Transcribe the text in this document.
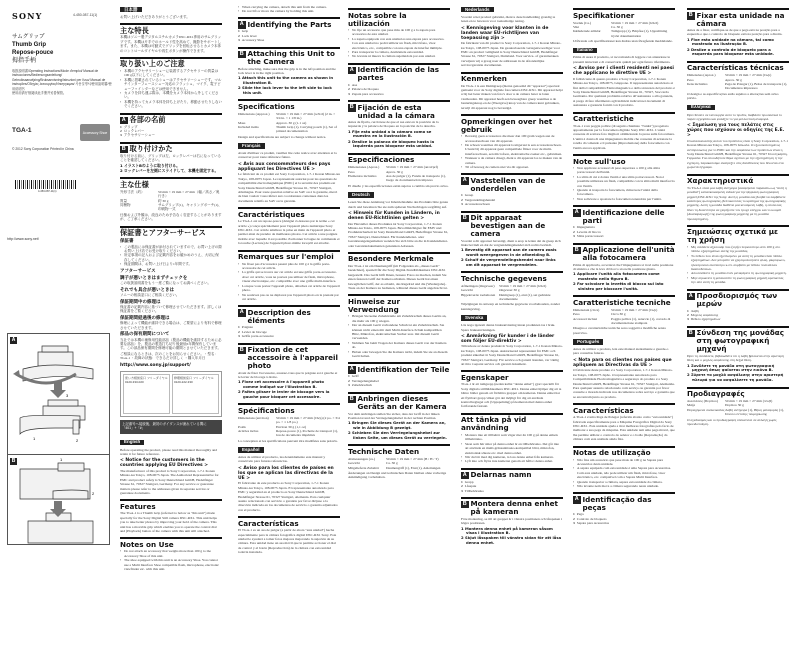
SONY	4-450-087-11(1)
サムグリップ
Thumb Grip
Repose-pouce
拇指手柄
取扱説明書/Operating Instructions/Mode d'emploi/ Manual de instrucciones/Bedienungsanleitung/ Gebruiksaanwijzing/Bruksanvisning/Istruzioni per l'uso/ Manual de instruções/Οδηγίες λειτουργίας/Инструкция/ 사용설명서/使用說明書/使用说明书
使用前请仔细阅读此手册并妥善保管。
TGA-1	Accessory Shoe
© 2012 Sony Corporation Printed in China
4-450-087-11(1)
http://www.sony.net/
A
1	2
3
B	1
2
日本語
お買い上げいただきありがとうございます。
主な特長
本機はソニー製デジタルスチルカメラDSC-RX1専用のサムグリップです。本機は片手でのホールド性を高めて、撮影をサポートします。また、本機は可動式でグリップを回転させるとカメラ本体のコントロールダイヤルや再生ボタンが操作できます。
取り扱い上のご注意
• 本機のアクセサリーシューに装着するアクセサリーの質量は100 g以下にしてください。
• 本機に搭載されているシューはアクセサリーシューです。マルチインターフェースシュー対応のフラッシュ、マイク、電子ビューファインダーなどは使用できません。
• カメラを持ち運ぶ際は、本機をカメラ本体から外してください。
• 本機を持ってカメラ本体を持ち上げたり、移動させたりしないでください。
A 各部の名前
1 グリップ
2 ロックレバー
3 アクセサリーシュー
B 取り付けかた
取り付ける前に、グリップは左、ロックレバーは右になっていることを確認してください。
1 イラストBのように取り付ける。
2 ロックレバーを左側にスライドして、本機を固定する。
主な仕様
外形寸法（約）	50 mm × 19 mm × 27 mm（幅／高さ／奥行き）
質量	約 30 g
同梱物	サムグリップ(1)、キャリングポーチ(1)、印刷物一式
仕様および外観は、改良のため予告なく変更することがありますが、ご了承ください。
保証書とアフターサービス
保証書
• この製品には保証書が添付されていますので、お買い上げの際お買い上げ店でお受け取りください。
• 所定事項の記入および記載内容をお確かめのうえ、大切に保存してください。
• 保証期間は、お買い上げ日より1年間です。
アフターサービス
調子が悪いときはまずチェックを
この取扱説明書をもう一度ご覧になってお調べください。
それでも具合が悪いときは
ソニーの相談窓口にご相談ください。
保証期間中の修理は
保証書の記載内容に基づいて修理させていただきます。詳しくは保証書をご覧ください。
保証期間経過後の修理は
修理によって機能が維持できる場合は、ご要望により有料で修理させていただきます。
部品の保有期間について
当社では本機の補修用性能部品（製品の機能を維持するために必要な部品）を、製品の製造打ち切り後最低6年間保有しています。この部品保有期間を修理可能の期間とさせていただきます。
ご相談になるときは、次のことをお知らせください。・型名：TGA-1 ・故障の状態：できるだけ詳しく ・購入年月日
http://www.sony.jp/support/
使い方相談窓口 フリーダイヤル 0120-333-020
修理相談窓口 フリーダイヤル 0120-222-330
上記番号へ接続後、最初のガイダンスが流れている間に「401」+「#」
English
Before operating the product, please read this manual thoroughly and retain it for future reference.
< Notice for the customers in the countries applying EU Directives >
The manufacturer of this product is Sony Corporation, 1-7-1 Konan Minato-ku Tokyo, 108-0075 Japan. The Authorized Representative for EMC and product safety is Sony Deutschland GmbH, Hedelfinger Strasse 61, 70327 Stuttgart, Germany. For any service or guarantee matters please refer to the addresses given in separate service or guarantee documents.
Features
The TGA-1 is a Thumb Grip (referred to below as "this unit") made specially for the Sony Digital Still camera DSC-RX1. This unit helps you to take better photos by improving your hold of the camera. This unit has a movable grip which enables you to operate the control dial and (Playback) button of the camera with this unit still attached.
Notes on Use
• Do not attach an accessory that weighs more than 100 g to the Accessory Shoe of this unit.
• The shoe equipped with this unit is an Accessory Shoe. You cannot use a Multi Interface Shoe compatible flash, microphone, electronic viewfinder etc. with this unit.
• When carrying the camera, detach this unit from the camera.
• Do not lift or move the camera by holding this unit.
A Identifying the Parts
1 Grip
2 Lock lever
3 Accessory Shoe
B Attaching this Unit to the Camera
Before attaching, make sure that the grip is in the left position and the lock lever is in the right position.
1 Attach this unit to the camera as shown in illustration B.
2 Slide the lock lever to the left side to lock this unit.
Specifications
Dimensions (Approx.)	50 mm × 19 mm × 27 mm (w/h/d) (2 in. × 3/4 in. × 1 1/8 in.)
Mass	Approx. 30 g (1.1 oz)
Included items	Thumb Grip (1), Carrying pouch (1), Set of printed documentation
Design and specifications are subject to change without notice.
Français
Avant d'utiliser ce produit, veuillez lire cette notice avec attention et la conserver pour toute référence future.
< Avis aux consommateurs des pays appliquant les Directives UE >
Le fabricant de ce produit est Sony Corporation, 1-7-1 Konan Minato-ku Tokyo, 108-0075 Japon. Le représentant autorisé pour les questions de compatibilité électromagnétique (EMC) et la sécurité des produits est Sony Deutschland GmbH, Hedelfinger Strasse 61, 70327 Stuttgart, Allemagne. Pour toute question relative au SAV ou à la garantie, merci de bien vouloir vous référer aux coordonnées contenues dans les documents relatifs au SAV ou la garantie.
Caractéristiques
Le TGA-1 est un repose-pouce (désigné ci-dessous par le terme « cet article ») conçu spécialement pour l'appareil photo numérique Sony DSC-RX1. Cet article améliore la prise en main de l'appareil photo et permet ainsi de prendre de meilleures photos. Cet article a une poignée mobile avec laquelle il est possible d'actionner la bague de commande et la touche (Lecture) de l'appareil photo même lorsqu'il est attaché.
Remarques sur l'emploi
• Ne fixez pas d'accessoire pesant plus de 100 g à la griffe porte-accessoire de cet article.
• La griffe qui se trouve sur cet article est une griffe porte-accessoire. Avec cet article, vous ne pouvez pas utiliser de flash, microphone, viseur électronique, etc. compatible avec une griffe multi-interface.
• Lorsque vous portez l'appareil photo, détachez cet article de l'appareil photo.
• Ne soulevez pas ou ne déplacez pas l'appareil photo en le prenant par cet article.
A Description des éléments
1 Poignée
2 Levier de blocage
3 Griffe porte-accessoire
B Fixation de cet accessoire à l'appareil photo
Avant de fixer l'accessoire, assurez-vous que la poignée est à gauche et le levier de blocage à droite.
1 Fixez cet accessoire à l'appareil photo comme indiqué sur l'illustration B.
2 Faites glisser le levier de blocage vers la gauche pour bloquer cet accessoire.
Spécifications
Dimensions (environ)	50 mm × 19 mm × 27 mm (l/h/p) (2 po. × 3/4 po. × 1 1/8 po.)
Poids	Environ 30 g (1,1 oz)
Articles inclus	Repose-pouce (1), Pochette de transport (1), Jeu de documents imprimés
La conception et les spécifications peuvent être modifiées sans préavis.
Español
Antes de utilizar el producto, lea detenidamente este manual y consérvelo para futuras referencias.
< Aviso para los clientes de países en los que se aplican las directivas de la UE >
El fabricante de este producto es Sony Corporation, 1-7-1 Konan Minato-ku Tokyo, 108-0075 Japón. El representante autorizado para EMC y seguridad en el producto es Sony Deutschland GmbH, Hedelfinger Strasse 61, 70327 Stuttgart, Alemania. Para cualquier asunto relacionado con servicio o garantía por favor diríjase a la dirección indicada en los documentos de servicio o garantía adjuntados con el producto.
Características
El TGA-1 es un asa de pulgar (a partir de ahora "esta unidad") hecha especialmente para la cámara fotográfica digital DSC-RX1 Sony. Esta unidad le ayudará a tomar fotos mejores mejorando la sujeción de su cámara. Esta unidad tiene un asa móvil que le permite accionar el dial de control y el botón (Reproducción) de la cámara con esta unidad todavía instalada.
Notas sobre la utilización
• No fije un accesorio que pese más de 100 g a la zapata para accesorios de esta unidad.
• La zapata equipada con esta unidad es una zapata para accesorios. Con esta unidad no podrá utilizar un flash, micrófono, visor electrónico, etc., compatible con una zapata de interfaz múltiple.
• Para transportar la cámara, desmóntele esta unidad.
• No levante ni mueva la cámara sujetándola por esta unidad.
A Identificación de las partes
1 Asa
2 Palanca de bloqueo
3 Zapata para accesorios
B Fijación de esta unidad a la cámara
Antes de fijarla, cerciórese de que el asa esté en la posición de la izquierda y la palanca de bloqueo en la posición de la derecha.
1 Fije esta unidad a la cámara como se muestra en la ilustración B.
2 Deslice la palanca de bloqueo hasta la izquierda para bloquear esta unidad.
Especificaciones
Dimensiones (Aprox.)	50 mm × 19 mm × 27 mm (an/al/prf)
Peso	Aprox. 30 g
Elementos incluidos	Asa de pulgar (1), Funda de transporte (1), Juego de documentación impresa
El diseño y las especificaciones están sujetos a cambio sin previo aviso.
Deutsch
Lesen Sie diese Anleitung vor Inbetriebnahme des Produkts bitte genau durch und bewahren Sie sie zum späteren Nachschlagen sorgfältig auf.
< Hinweis für Kunden in Ländern, in denen EU-Richtlinien gelten >
Der Hersteller dieses Produktes ist Sony Corporation, 1-7-1 Konan Minato-ku Tokio, 108-0075 Japan. Bevollmächtigter für EMV und Produktsicherheit ist Sony Deutschland GmbH, Hedelfinger Strasse 61, 70327 Stuttgart, Deutschland. Für Kundendienst- oder Garantieangelegenheiten wenden Sie sich bitte an die in Kundendienst- oder Garantiedokumenten genannten Adressen.
Besondere Merkmale
Der TGA-1 ist ein Daumengriff (im Folgenden als „dieses Gerät" bezeichnet), speziell für die Sony Digital-Standbildkamera DSC-RX1 hergestellt. Das Gerät hilft Ihnen, bessere Fotos zu machen, indem Sie einen festeren Griff der Kamera erhalten. Dieses Gerät hat einen beweglichen Griff, der es erlaubt, das Regelrad und die (Wiedergabe)-Taste an der Kamera zu bedienen, während dieses Gerät angebracht ist.
Hinweise zur Verwendung
• Bringen Sie keine Zubehörteile am Zubehörschuh dieses Geräts an, die mehr als 100 g wiegen.
• Der an diesem Gerät vorhandene Schuh ist ein Zubehörschuh. Sie können nicht einen mit dem Multi-Interface-Schuh kompatiblen Blitz, Mikrofon, elektronischen Sucher usw. mit diesem Gerät verwenden.
• Nehmen Sie beim Tragen der Kamera dieses Gerät von der Kamera ab.
• Heben oder bewegen Sie die Kamera nicht, indem Sie sie an diesem Gerät halten.
A Identifikation der Teile
1 Griff
2 Verriegelungshebel
3 Zubehörschuh
B Anbringen dieses Geräts an der Kamera
Vor dem Anbringen stellen Sie sicher, dass der Griff in der linken Position ist und der Verriegelungshebel in der rechten Position.
1 Bringen Sie dieses Gerät an der Kamera an, wie in Abbildung B gezeigt.
2 Schieben Sie den Verriegelungshebel zur linken Seite, um dieses Gerät zu verriegeln.
Technische Daten
Abmessungen (ca.)	50 mm × 19 mm × 27 mm (B / H / T)
Gewicht	Ca. 30 g
Mitgelieferte Zubehör	Daumengriff (1), Etui (1), Anleitungen
Änderungen an Design und technischen Daten bleiben ohne vorherige Ankündigung vorbehalten.
Nederlands
Voordat u het product gebruikt, dient u deze handleiding grondig te lezen en te bewaren voor toekomstige naslag.
< Kennisgeving voor klanten in de landen waar EU-richtlijnen van toepassing zijn >
De fabrikant van dit product is Sony Corporation, 1-7-1 Konan Minato-ku Tokyo, 108-0075 Japan. De geautoriseerde vertegenwoordiger voor EMC en product veiligheid is Sony Deutschland GmbH, Hedelfinger Strasse 61, 70327 Stuttgart, Duitsland. Voor service- of garantiezaken verwijzen wij u graag naar de addressen in de afzonderlijke service/garantie documenten.
Kenmerken
De TGA-1 is een Duimgreep (hierna genoemd dit "apparaat") speciaal gemaakt voor de Sony digitale fotocamera DSC-RX1. Dit apparaat helpt u bij het beter maken van foto's door u de camera beter te laten vasthouden. Dit apparaat heeft een beweegbare greep waarmee u de besturingsknop en de (Weergave) knop van de camera kunt gebruiken, terwijl dit apparaat nog is bevestigd.
Opmerkingen over het gebruik
• Bevestig geen accessoires die meer dan 100 gram wegen aan de accessoireschoen van dit apparaat.
• De schoen waarmee dit apparaat is uitgerust is een accessoireschoen. U kunt bij dit apparaat geen compatibele flitser voor de multi-interfaceschoen, een microfoon, elektronische zoeker etc., gebruiken.
• Wanneer u de camera draagt, dient u dit apparaat los te maken van de camera.
• Til of beweeg de camera niet via dit apparaat.
A Vaststellen van de onderdelen
1 Greep
2 Vergrendelingshendel
3 Accessoireschoen
B Dit apparaat bevestigen aan de camera
Voordat u dit apparaat bevestigt, dient u erop te letten dat de greep zich links bevindt en dat de vergrendelingshendel zich rechts bevindt.
1 Bevestig dit apparaat aan de camera zoals wordt weergegeven in de afbeelding B.
2 Schuif de vergrendelingshendel naar links om dit apparaat te vergrendelen.
Technische gegevens
Afmetingen (Ongeveer)	50 mm × 19 mm × 27 mm (b/h/d)
Gewicht	Ongeveer 30 g
Bijgeleverde toebehoren	Duimgreep (1), etui (1), set gedrukte documentatie
Wijzigingen in ontwerp en technische gegevens voorbehouden, zonder kennisgeving.
Svenska
Läs noga igenom denna bruksanvisning innan produkten tas i bruk. Spara bruksanvisningen.
< Anmärkning för kunder i de länder som följer EU-direktiv >
Tillverkare av denna produkt är Sony Corporation, 1-7-1 Konan Minato-ku Tokyo, 108-0075 Japan. Auktoriserad representant för EMC och produkt säkerhet är Sony Deutschland GmbH, Hedelfinger Strasse 61, 70327 Stuttgart, Germany. För service och garanti ärenden, var vänlig att titta i separat service och garanti dokument.
Egenskaper
TGA-1 är ett tumgrepp (nedan kallat "denna enhet") gjort speciellt för Sony digitala stillbildskamera DSC-RX1. Denna enhet hjälper dig att ta bättre bilder genom att förbättra greppet om kameran. Denna enhet har ett flyttbart grepp vilket gör det möjligt för dig att använda kontrollreglaget och (Uppspelning) på kameran med denna enhet fortfarande fastsatt.
Att tänka på vid användning
• Montera inte ett tillbehör som väger mer än 100 g på denna enhets tillbehörsko.
• Skon som här sitter på denna enhet är en tillbehörssko. Det går inte att använda en multi-gränssnittssko-kompatibel blixt, mikrofon, elektronisk sökare etc. med denna enhet.
• När du bär med dig kameran, ta loss denna enhet från kameran.
• Lyft inte och flytta inte kameran genom att hålla i denna enhet.
A Delarnas namn
1 Grepp
2 Låsspak
3 Tillbehörssko
B Montera denna enhet på kameran
Före montering, se till att greppet är i vänstra positionen och låsspaken i högra positionen.
1 Montera denna enhet på kameran såsom visas i illustration B.
2 Skjut låsspaken till vänstra sidan för att låsa denna enhet.
Specifikationer
Storlek (Ca.)	50 mm × 19 mm × 27 mm (b/h/d)
Vikt	Ca. 30 g
Inkluderade artiklar	Tumgrepp (1), Bärpåse (1), Uppsättning tryckt dokumentation
Utförande och specifikationer kan ändras utan föregående meddelande.
Italiano
Prima di usare il prodotto, si raccomanda di leggere con attenzione le presenti istruzioni e di conservarle quindi per ogni futuro riferimento.
< Avviso per i clienti residenti nei paesi che applicano le direttive UE >
Il fabbricante di questo prodotto è Sony Corporation, 1-7-1 Konan Minato-ku Tokyo, 108-0075, Giappone. Il rappresentante autorizzato ai fini della Compatibilità Elettromagnetica e della sicurezza del prodotto è Sony Deutschland GmbH, Hedelfinger Strasse 61, 70327, Stoccarda Germania. Per qualsiasi problema relativo all'assistenza o alla garanzia, si prega di fare riferimento agli indirizzi indicati nei documenti di assistenza e garanzia forniti con il prodotto.
Caratteristiche
TGA-1 è un poggia pollice (di seguito chiamato "l'unità") progettato appositamente per la fotocamera digitale Sony DSC-RX1. L'unità consente di scattare foto migliori ottimizzando la presa sulla fotocamera. L'unità è dotata di una impugnatura mobile che consente di azionare la rotella di comando e il pulsante (Riproduzione) della fotocamera con l'unità ancora applicata.
Note sull'uso
• Non applicare accessori di peso superiore a 100 g alla slitta portaccessori dell'unità.
• La slitta di cui è dotata l'unità è una slitta portaccessori. Non è possibile utilizzare un flash, compatibile con la slitta multi interfaccia con l'unità.
• Quando si trasporta la fotocamera, rimuovere l'unità dalla fotocamera.
• Non sollevare o spostare la fotocamera tenendola per l'unità.
A Identificazione delle parti
1 Impugnatura
2 Levetta di blocco
3 Slitta portaccessori
B Applicazione dell'unità alla fotocamera
Prima di applicarla, accertarsi che l'impugnatura si trovi nella posizione di sinistra e che la leva di blocco sia nella posizione giusta.
1 Applicare l'unità alla fotocamera come mostrato nella figura B.
2 Far scivolare la levetta di blocco sul lato sinistro per bloccare l'unità.
Caratteristiche tecniche
Dimensioni (circa)	50 mm × 19 mm × 27 mm (l/a/p)
Peso	Circa 30 g
Accessori inclusi	Poggia pollice (1), astuccio (1), corredo di documentazione stampata
Disegno e caratteristiche tecniche sono soggetti a modifiche senza preavviso.
Português
Antes de utilizar o produto, leia este manual atentamente e guarde-o para consultas futuras.
< Nota para os clientes nos países que apliquem as Directivas da UE >
O fabricante deste produto é a Sony Corporation, 1-7-1 Konan Minato-ku Tokyo, 108-0075 Japão. O representante autorizado para Compatibilidade Electromagnética e segurança do produto é a Sony Deutschland GmbH, Hedelfinger Strasse 61, 70327 Stuttgart, Alemanha. Para qualquer assunto relacionado com serviço ou garantia por favor consulte a morada indicada nos documentos sobre serviço e garantia que se encontram junto ao produto.
Características
A TGA-1 é uma Pega de Polegar (referida abaixo como "esta unidade") fabricada especificamente para a Máquina Fotográfica Digital da Sony DSC-RX1. Esta unidade ajuda a tirar melhores fotografias pelo facto de melhorar a sua pega da máquina. Esta unidade tem uma pega móvel, que lhe permite utilizar o controlo do seletor e o botão (Reprodução) da câmara com esta unidade ainda fixa.
Notas de utilização
• Não fixe um acessório que pese mais de 100 g na Sapata para Acessórios desta unidade.
• A sapata equipada com esta unidade é uma Sapata para Acessórios. Com esta unidade, não pode utilizar um flash, microfone, visor electrónico, etc. compatível com a Sapata Multi Interface.
• Quando transportar a câmara, separe esta unidade da câmara.
• Não levante nem mova a câmara segurando nesta unidade.
A Identificação das peças
1 Pega
2 Controlo de bloqueio
3 Sapata para Acessórios
B Fixar esta unidade na câmara
Antes de a fixar, certifique-se de que a pega está na posição para a esquerda e que o controlo de bloqueio está na posição para a direita.
1 Fixe esta unidade na câmara, tal como mostrado na Ilustração B.
2 Deslize o controlo de bloqueio para a esquerda para bloquear esta unidade.
Características técnicas
Dimensões (Aprox.)	50 mm × 19 mm × 27 mm (l/a/p)
Peso	Aprox. 30 g
Itens incluídos	Pega de Polegar (1), Bolsa de transporte (1), Documentos impressos
O design e as especificações estão sujeitos a alterações sem aviso prévio.
Ελληνικά
Πριν θέσετε σε λειτουργία αυτό το προϊόν, διαβάστε προσεκτικά το παρόν εγχειρίδιο και φυλάξτε το για μελλοντική αναφορά.
< Σημείωση για τους πελάτες στις χώρες που ισχύουν οι οδηγίες της Ε.Ε. >
Ο κατασκευαστής αυτού του προϊόντος είναι η Sony Corporation, 1-7-1 Konan Minato-ku Tokyo, 108-0075 Ιαπωνία. Ο εξουσιοδοτημένος αντιπρόσωπος για το EMC και την ασφάλεια των προϊόντων είναι η Sony Deutschland GmbH, Hedelfinger Strasse 61, 70327 Στουτγκάρδη, Γερμανία. Για οποιοδήποτε θέμα σχετικό με την εξυπηρέτηση ή την εγγύηση, παρακαλούμε ανατρέξτε στις διευθύνσεις που δίνονται στα χωριστά έγγραφα.
Χαρακτηριστικά
Το TGA-1 είναι μια λαβή αντίχειρα (αναφέρεται παρακάτω ως "αυτή η μονάδα") κατασκευασμένη ειδικά για την ψηφιακή φωτογραφική μηχανή DSC-RX1 της Sony. Αυτή η μονάδα σας βοηθά να λαμβάνετε καλύτερες φωτογραφίες, βελτιώνοντας το κράτημα της φωτογραφικής μηχανής. Αυτή η μονάδα διαθέτει μια κινούμενη λαβή, η οποία σας δίνει τη δυνατότητα να χειρίζεστε τον τροχό ελέγχου και το κουμπί (Αναπαραγωγή) της φωτογραφικής μηχανής με τη μονάδα προσαρτημένη.
Σημειώσεις σχετικά με τη χρήση
• Μη συνδέετε αξεσουάρ που ζυγίζει περισσότερο από 100 g στο πέδιλο εξαρτημάτων αυτής της μονάδας.
• Το πέδιλο που είναι εξοπλισμένο με αυτή τη μονάδα είναι πέδιλο εξαρτημάτων. Δεν μπορείτε να χρησιμοποιήσετε φλας, μικρόφωνο, ηλεκτρονικό σκόπευτρο κ.λπ. συμβατό με πέδιλο πολλαπλών διασυνδέσεων.
• Αποσυνδέστε τη μονάδα όταν μεταφέρετε τη φωτογραφική μηχανή.
• Μην σηκώνετε ή μετακινείτε τη φωτογραφική μηχανή κρατώντας την από αυτή τη μονάδα.
A Προσδιορισμός των μερών
1 Λαβή
2 Μοχλός ασφάλισης
3 Πέδιλο εξαρτημάτων
B Σύνδεση της μονάδας στη φωτογραφική μηχανή
Πριν τη συνδέσετε, βεβαιωθείτε ότι η λαβή βρίσκεται στην αριστερή θέση και ο μοχλός ασφάλισης στη δεξιά θέση.
1 Συνδέστε τη μονάδα στη φωτογραφική μηχανή όπως φαίνεται στην εικόνα B.
2 Σύρετε το μοχλό ασφάλισης στην αριστερή πλευρά για να ασφαλίσετε τη μονάδα.
Προδιαγραφές
Διαστάσεις (Περίπου)	50 mm × 19 mm × 27 mm (π/υ/β)
Μάζα	Περίπου 30 g
Περιεχόμενα συσκευασίας Λαβή αντίχειρα (1), Θήκη μεταφοράς (1), Σύνολο έντυπης τεκμηρίωσης
Ο σχεδιασμός και οι προδιαγραφές υπόκεινται σε αλλαγή χωρίς προειδοποίηση.
